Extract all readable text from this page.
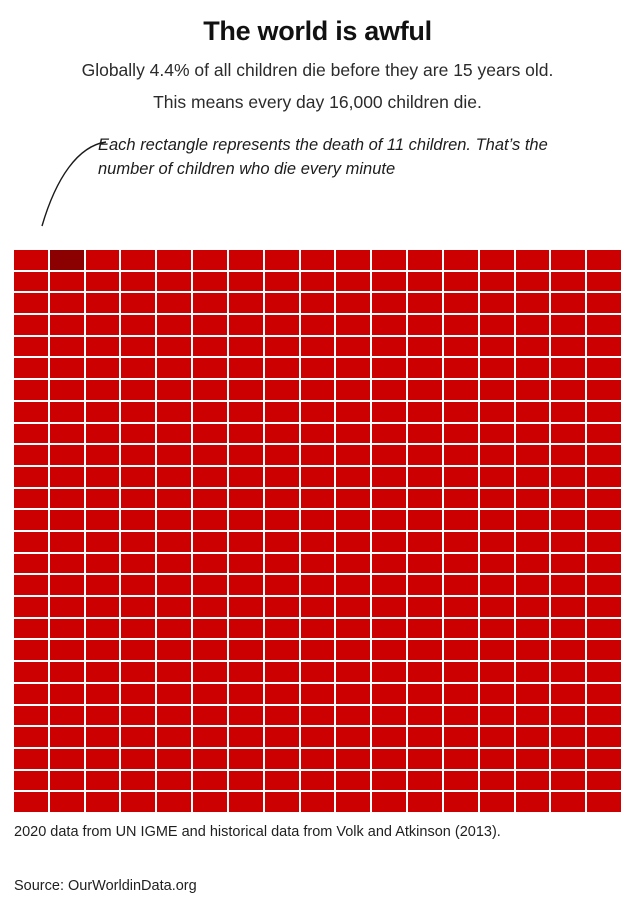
The world is awful

Globally 4.4% of all children die before they are 15 years old.

This means every day 16,000 children die.

Each rectangle represents the death of 11 children. That’s the number of children who die every minute
2020 data from UN IGME and historical data from Volk and Atkinson (2013).
Source: OurWorldinData.org
